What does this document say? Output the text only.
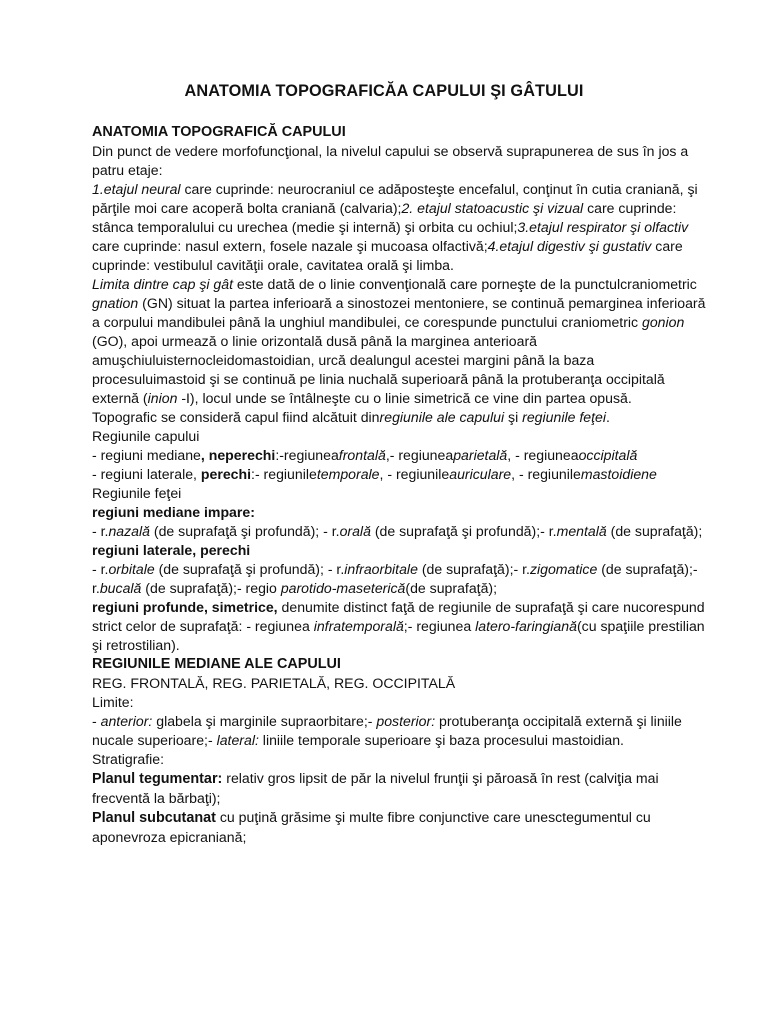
ANATOMIA TOPOGRAFICĂA CAPULUI ŞI GÂTULUI

ANATOMIA TOPOGRAFICĂ CAPULUI

Din punct de vedere morfofuncţional, la nivelul capului se observă suprapunerea de sus în jos a patru etaje:

1.etajul neural care cuprinde: neurocraniul ce adăposteşte encefalul, conţinut în cutia craniană, şi părţile moi care acoperă bolta craniană (calvaria);2. etajul statoacustic şi vizual care cuprinde: stânca temporalului cu urechea (medie şi internă) şi orbita cu ochiul;3.etajul respirator şi olfactiv care cuprinde: nasul extern, fosele nazale şi mucoasa olfactivă;4.etajul digestiv şi gustativ care cuprinde: vestibulul cavităţii orale, cavitatea orală şi limba.

Limita dintre cap şi gât este dată de o linie convenţională care porneşte de la punctulcraniometric gnation (GN) situat la partea inferioară a sinostozei mentoniere, se continuă pemarginea inferioară a corpului mandibulei până la unghiul mandibulei, ce corespunde punctului craniometric gonion (GO), apoi urmează o linie orizontală dusă până la marginea anterioară amuşchiuluisternocleidomastoidian, urcă dealungul acestei margini până la baza procesuluimastoid şi se continuă pe linia nuchală superioară până la protuberanţa occipitală externă (inion -I), locul unde se întâlneşte cu o linie simetrică ce vine din partea opusă.

Topografic se consideră capul fiind alcătuit dinregiunile ale capului şi regiunile feţei.

Regiunile capului

- regiuni mediane, neperechi:-regiuneafrontală,- regiuneaparietală, - regiuneaoccipitală

- regiuni laterale, perechi:- regiuniletemporale, - regiunileauriculare, - regiunilemastoidiene

Regiunile feţei

regiuni mediane impare:

- r.nazală (de suprafaţă şi profundă); - r.orală (de suprafaţă şi profundă);- r.mentală (de suprafaţă);

regiuni laterale, perechi

- r.orbitale (de suprafaţă şi profundă); - r.infraorbitale (de suprafaţă);- r.zigomatice (de suprafaţă);- r.bucală (de suprafaţă);- regio parotido-maseterică(de suprafaţă);

regiuni profunde, simetrice, denumite distinct faţă de regiunile de suprafaţă şi care nucorespund strict celor de suprafaţă: - regiunea infratemporală;- regiunea latero-faringiană(cu spaţiile prestilian şi retrostilian).

REGIUNILE MEDIANE ALE CAPULUI

REG. FRONTALĂ, REG. PARIETALĂ, REG. OCCIPITALĂ

Limite:

- anterior: glabela şi marginile supraorbitare;- posterior: protuberanţa occipitală externă şi liniile nucale superioare;- lateral: liniile temporale superioare şi baza procesului mastoidian.

Stratigrafie:

Planul tegumentar: relativ gros lipsit de păr la nivelul frunţii şi păroasă în rest (calviţia mai frecventă la bărbaţi);

Planul subcutanat cu puţină grăsime şi multe fibre conjunctive care unesctegumentul cu aponevroza epicraniană;
